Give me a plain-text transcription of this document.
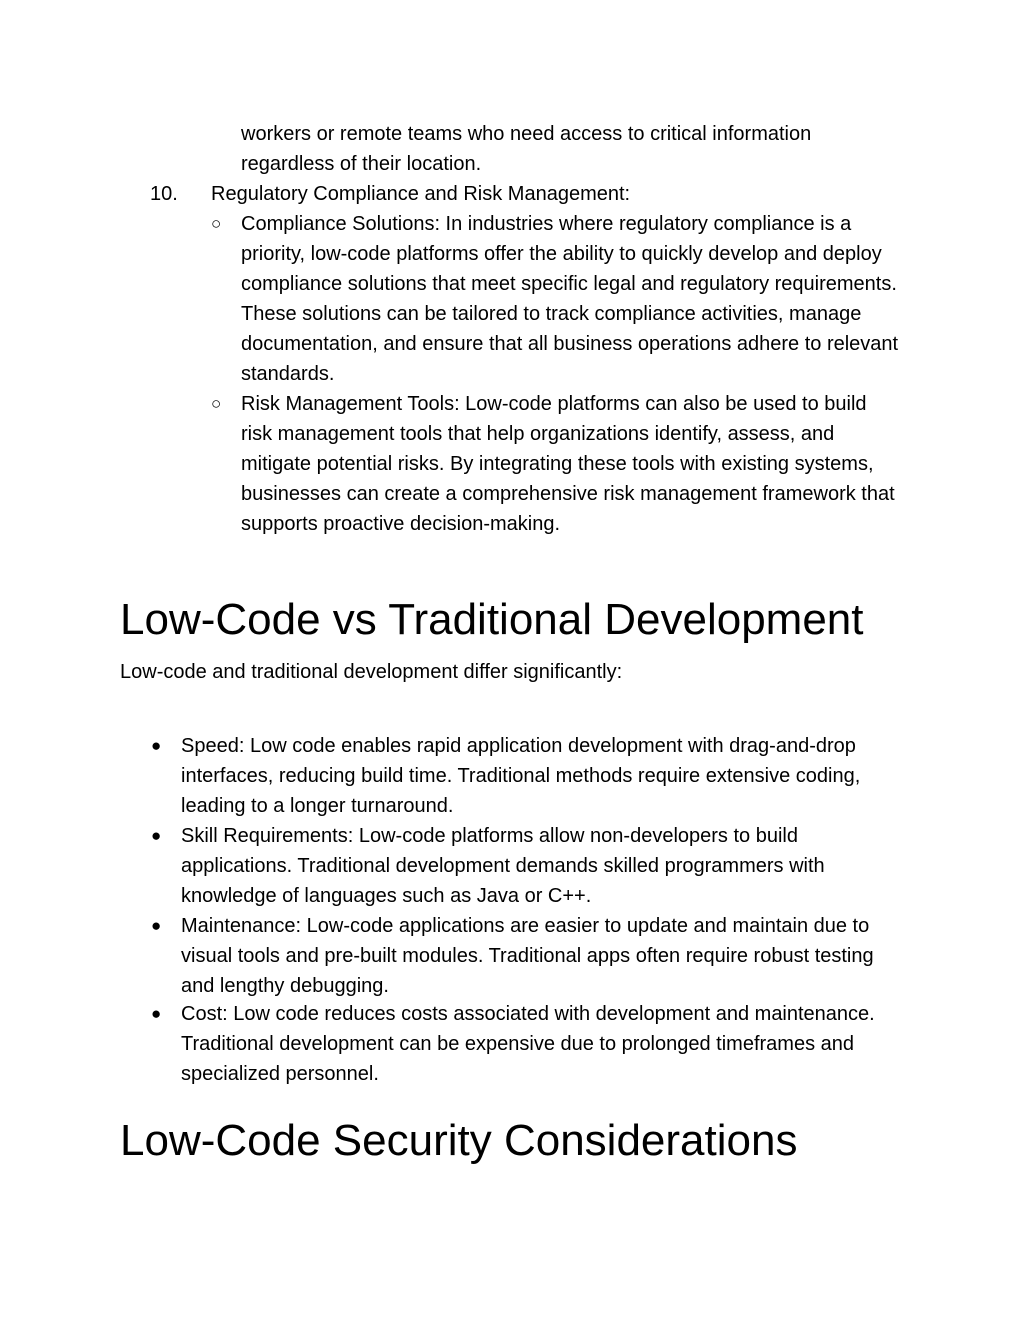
workers or remote teams who need access to critical information regardless of their location.
10. Regulatory Compliance and Risk Management:
○ Compliance Solutions: In industries where regulatory compliance is a priority, low-code platforms offer the ability to quickly develop and deploy compliance solutions that meet specific legal and regulatory requirements. These solutions can be tailored to track compliance activities, manage documentation, and ensure that all business operations adhere to relevant standards.
○ Risk Management Tools: Low-code platforms can also be used to build risk management tools that help organizations identify, assess, and mitigate potential risks. By integrating these tools with existing systems, businesses can create a comprehensive risk management framework that supports proactive decision-making.
Low-Code vs Traditional Development
Low-code and traditional development differ significantly:
● Speed: Low code enables rapid application development with drag-and-drop interfaces, reducing build time. Traditional methods require extensive coding, leading to a longer turnaround.
● Skill Requirements: Low-code platforms allow non-developers to build applications. Traditional development demands skilled programmers with knowledge of languages such as Java or C++.
● Maintenance: Low-code applications are easier to update and maintain due to visual tools and pre-built modules. Traditional apps often require robust testing and lengthy debugging.
● Cost: Low code reduces costs associated with development and maintenance. Traditional development can be expensive due to prolonged timeframes and specialized personnel.
Low-Code Security Considerations
